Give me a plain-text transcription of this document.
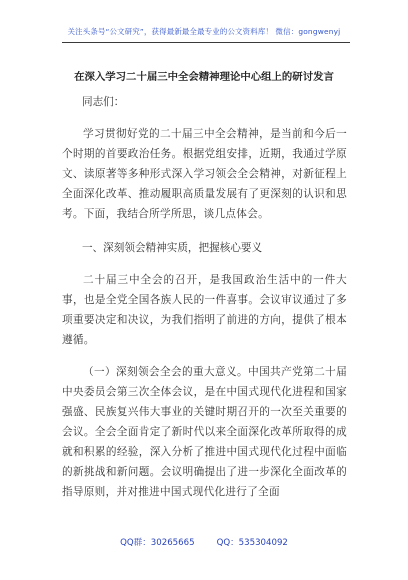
关注头条号“公文研究”，获得最新最全最专业的公文资料库！ 微信：gongwenyj
在深入学习二十届三中全会精神理论中心组上的研讨发言

同志们：

学习贯彻好党的二十届三中全会精神，是当前和今后一个时期的首要政治任务。根据党组安排，近期，我通过学原文、读原著等多种形式深入学习领会全会精神，对新征程上全面深化改革、推动履职高质量发展有了更深刻的认识和思考。下面，我结合所学所思，谈几点体会。

一、深刻领会精神实质，把握核心要义

二十届三中全会的召开，是我国政治生活中的一件大事，也是全党全国各族人民的一件喜事。会议审议通过了多项重要决定和决议，为我们指明了前进的方向，提供了根本遵循。

（一）深刻领会全会的重大意义。中国共产党第二十届中央委员会第三次全体会议，是在中国式现代化进程和国家强盛、民族复兴伟大事业的关键时期召开的一次至关重要的会议。全会全面肯定了新时代以来全面深化改革所取得的成就和积累的经验，深入分析了推进中国式现代化过程中面临的新挑战和新问题。会议明确提出了进一步深化全面改革的指导原则，并对推进中国式现代化进行了全面

QQ群：30265665	QQ：535304092
